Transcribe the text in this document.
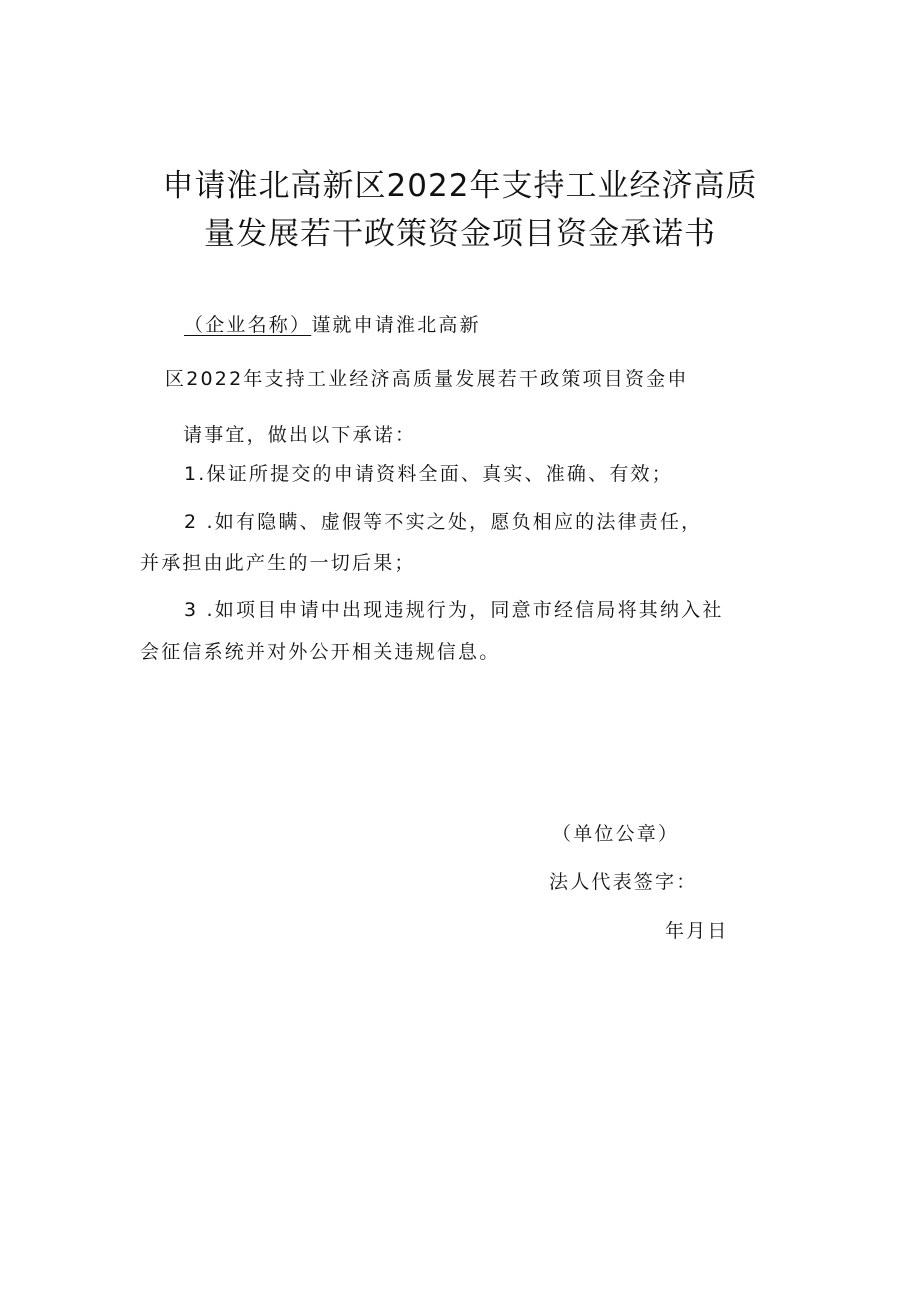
申请淮北高新区2022年支持工业经济高质
量发展若干政策资金项目资金承诺书
（企业名称）谨就申请淮北高新
区2022年支持工业经济高质量发展若干政策项目资金申
请事宜，做出以下承诺：
1.保证所提交的申请资料全面、真实、准确、有效；
2 .如有隐瞒、虚假等不实之处，愿负相应的法律责任，
并承担由此产生的一切后果；
3 .如项目申请中出现违规行为，同意市经信局将其纳入社
会征信系统并对外公开相关违规信息。
（单位公章）
法人代表签字：
年月日
